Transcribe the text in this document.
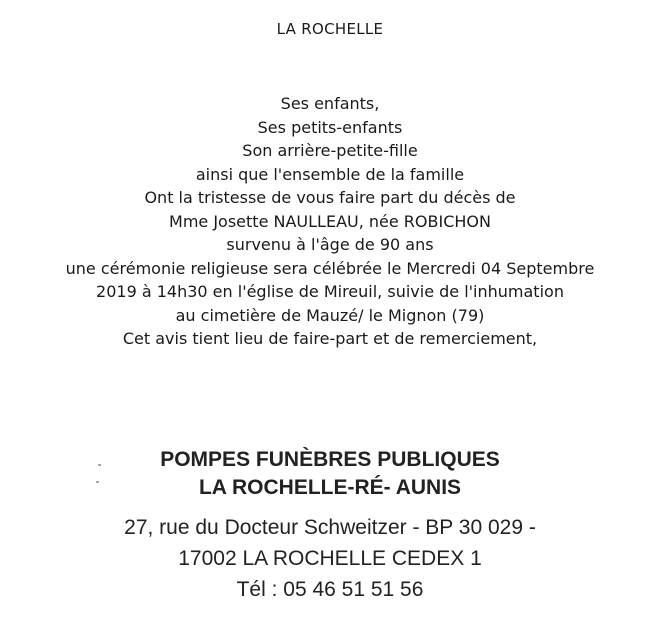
LA ROCHELLE
Ses enfants,
Ses petits-enfants
Son arrière-petite-fille
ainsi que l'ensemble de la famille
Ont la tristesse de vous faire part du décès de
Mme Josette NAULLEAU, née ROBICHON
survenu à l'âge de 90 ans
une cérémonie religieuse sera célébrée le Mercredi 04 Septembre
2019 à 14h30 en l'église de Mireuil, suivie de l'inhumation
au cimetière de Mauzé/ le Mignon (79)
Cet avis tient lieu de faire-part et de remerciement,
POMPES FUNÈBRES PUBLIQUES
LA ROCHELLE-RÉ- AUNIS
27, rue du Docteur Schweitzer - BP 30 029 -
17002 LA ROCHELLE CEDEX 1
Tél : 05 46 51 51 56
